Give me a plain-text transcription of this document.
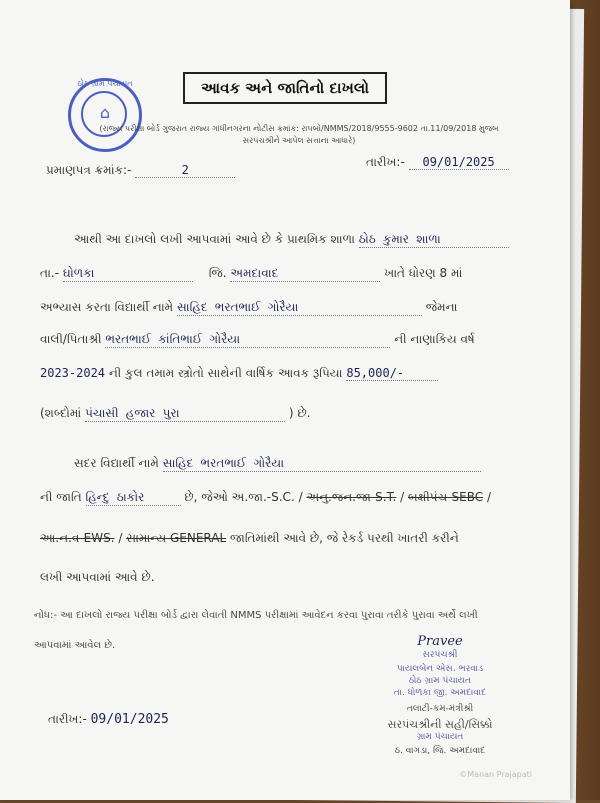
ઠોઠ ગ્રામ પંચાયત
⌂
આવક અને જાતિનો દાખલો
(રાજ્ય પરીક્ષા બોર્ડ ગુજરાત રાજ્ય ગાંધીનગરના નોટીસ ક્રમાંક: રાપબો/NMMS/2018/9555-9602 તા.11/09/2018 મુજબ
સરપંચશ્રીને આપેલ સત્તાના આધારે)
પ્રમાણપત્ર ક્રમાંક:-	2
તારીખ:- 09/01/2025
આથી આ દાખલો લખી આપવામાં આવે છે કે પ્રાથમિક શાળા ઠોઠ કુમાર શાળા
તા.- ઘોળકા	જિ. અમદાવાદ	ખાતે ધોરણ 8 માં
અભ્યાસ કરતા વિદ્યાર્થી નામે સાહિદ ભરતભાઈ ગોરૈયા	જેમના
વાલી/પિતાશ્રી ભરતભાઈ કાંતિભાઈ ગોરૈયા	ની નાણાકિય વર્ષ
2023-2024 ની કુલ તમામ સ્ત્રોતો સાથેની વાર્ષિક આવક રૂપિયા 85,000/-
(શબ્દોમાં પંચાસી હજાર પુરા	) છે.
સદર વિદ્યાર્થી નામે સાહિદ ભરતભાઈ ગોરૈયા
ની જાતિ હિન્દુ ઠાકોર	છે, જેઓ અ.જા.-S.C. / અનુ.જન.જા-S.T. / બક્ષીપંચ-SEBC /
આ.ન.વ-EWS. / સામાન્ય GENERAL જાતિમાંથી આવે છે, જે રેકર્ડ પરથી ખાતરી કરીને
લખી આપવામાં આવે છે.
નોંધ:- આ દાખલો રાજ્ય પરીક્ષા બોર્ડ દ્વારા લેવાતી NMMS પરીક્ષામાં આવેદન કરવા પુરાવા તરીકે પુરાવા અર્થે લખી
આપવામાં આવેલ છે.	Pravee
સરપંચશ્રી
પાયલબેન એસ. ભરવાડ
ઠોઠ ગ્રામ પંચાયત
તા. ધોળકા જી. અમદાવાદ
તલાટી-કમ-મંત્રીશ્રી
સરપંચશ્રીની સહી/સિક્કો
ગ્રામ પંચાયત
ઠ. વાગડા, જિ. અમદાવાદ
તારીખ:- 09/01/2025
©Manan Prajapati
